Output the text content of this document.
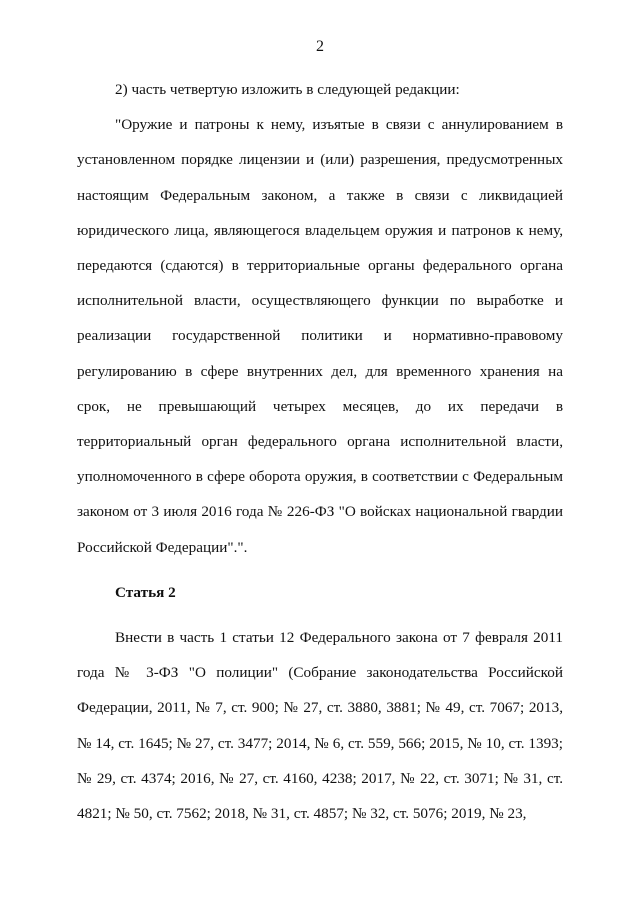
2

2) часть четвертую изложить в следующей редакции:

"Оружие и патроны к нему, изъятые в связи с аннулированием в установленном порядке лицензии и (или) разрешения, предусмотренных настоящим Федеральным законом, а также в связи с ликвидацией юридического лица, являющегося владельцем оружия и патронов к нему, передаются (сдаются) в территориальные органы федерального органа исполнительной власти, осуществляющего функции по выработке и реализации государственной политики и нормативно-правовому регулированию в сфере внутренних дел, для временного хранения на срок, не превышающий четырех месяцев, до их передачи в территориальный орган федерального органа исполнительной власти, уполномоченного в сфере оборота оружия, в соответствии с Федеральным законом от 3 июля 2016 года № 226-ФЗ "О войсках национальной гвардии Российской Федерации".".

Статья 2

Внести в часть 1 статьи 12 Федерального закона от 7 февраля 2011 года № 3-ФЗ "О полиции" (Собрание законодательства Российской Федерации, 2011, № 7, ст. 900; № 27, ст. 3880, 3881; № 49, ст. 7067; 2013, № 14, ст. 1645; № 27, ст. 3477; 2014, № 6, ст. 559, 566; 2015, № 10, ст. 1393; № 29, ст. 4374; 2016, № 27, ст. 4160, 4238; 2017, № 22, ст. 3071; № 31, ст. 4821; № 50, ст. 7562; 2018, № 31, ст. 4857; № 32, ст. 5076; 2019, № 23,
